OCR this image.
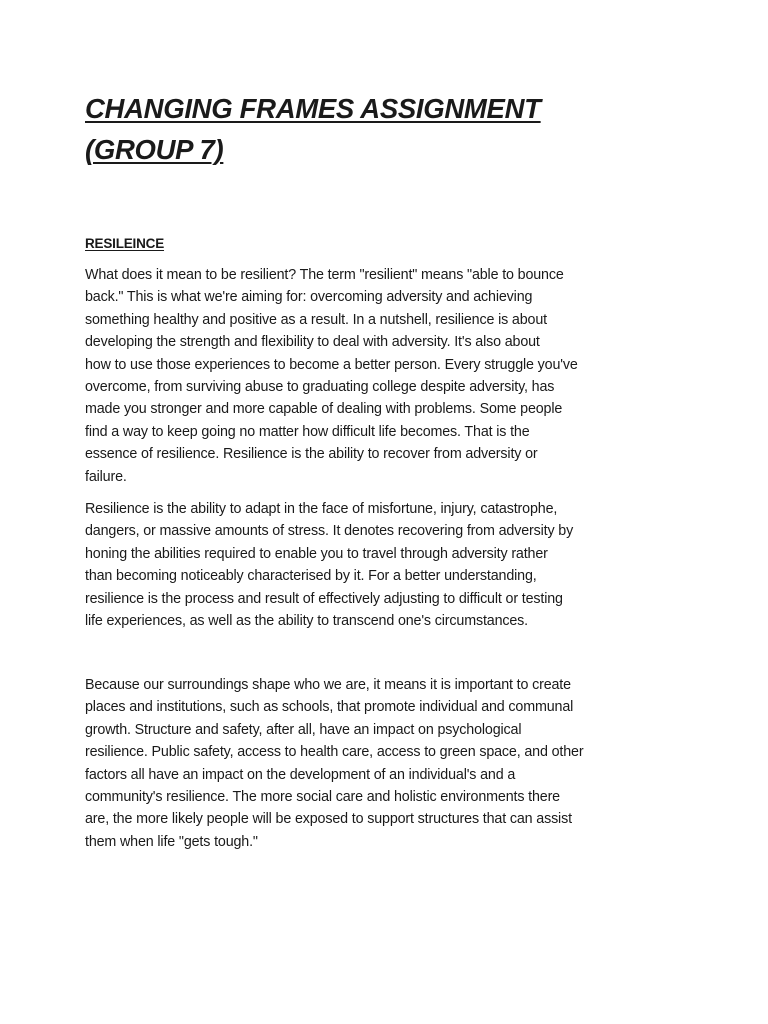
CHANGING FRAMES ASSIGNMENT
(GROUP 7)
RESILEINCE

What does it mean to be resilient? The term "resilient" means "able to bounce
back." This is what we're aiming for: overcoming adversity and achieving
something healthy and positive as a result. In a nutshell, resilience is about
developing the strength and flexibility to deal with adversity. It's also about
how to use those experiences to become a better person. Every struggle you've
overcome, from surviving abuse to graduating college despite adversity, has
made you stronger and more capable of dealing with problems. Some people
find a way to keep going no matter how difficult life becomes. That is the
essence of resilience. Resilience is the ability to recover from adversity or
failure.

Resilience is the ability to adapt in the face of misfortune, injury, catastrophe,
dangers, or massive amounts of stress. It denotes recovering from adversity by
honing the abilities required to enable you to travel through adversity rather
than becoming noticeably characterised by it. For a better understanding,
resilience is the process and result of effectively adjusting to difficult or testing
life experiences, as well as the ability to transcend one's circumstances.

Because our surroundings shape who we are, it means it is important to create
places and institutions, such as schools, that promote individual and communal
growth. Structure and safety, after all, have an impact on psychological
resilience. Public safety, access to health care, access to green space, and other
factors all have an impact on the development of an individual's and a
community's resilience. The more social care and holistic environments there
are, the more likely people will be exposed to support structures that can assist
them when life "gets tough."
